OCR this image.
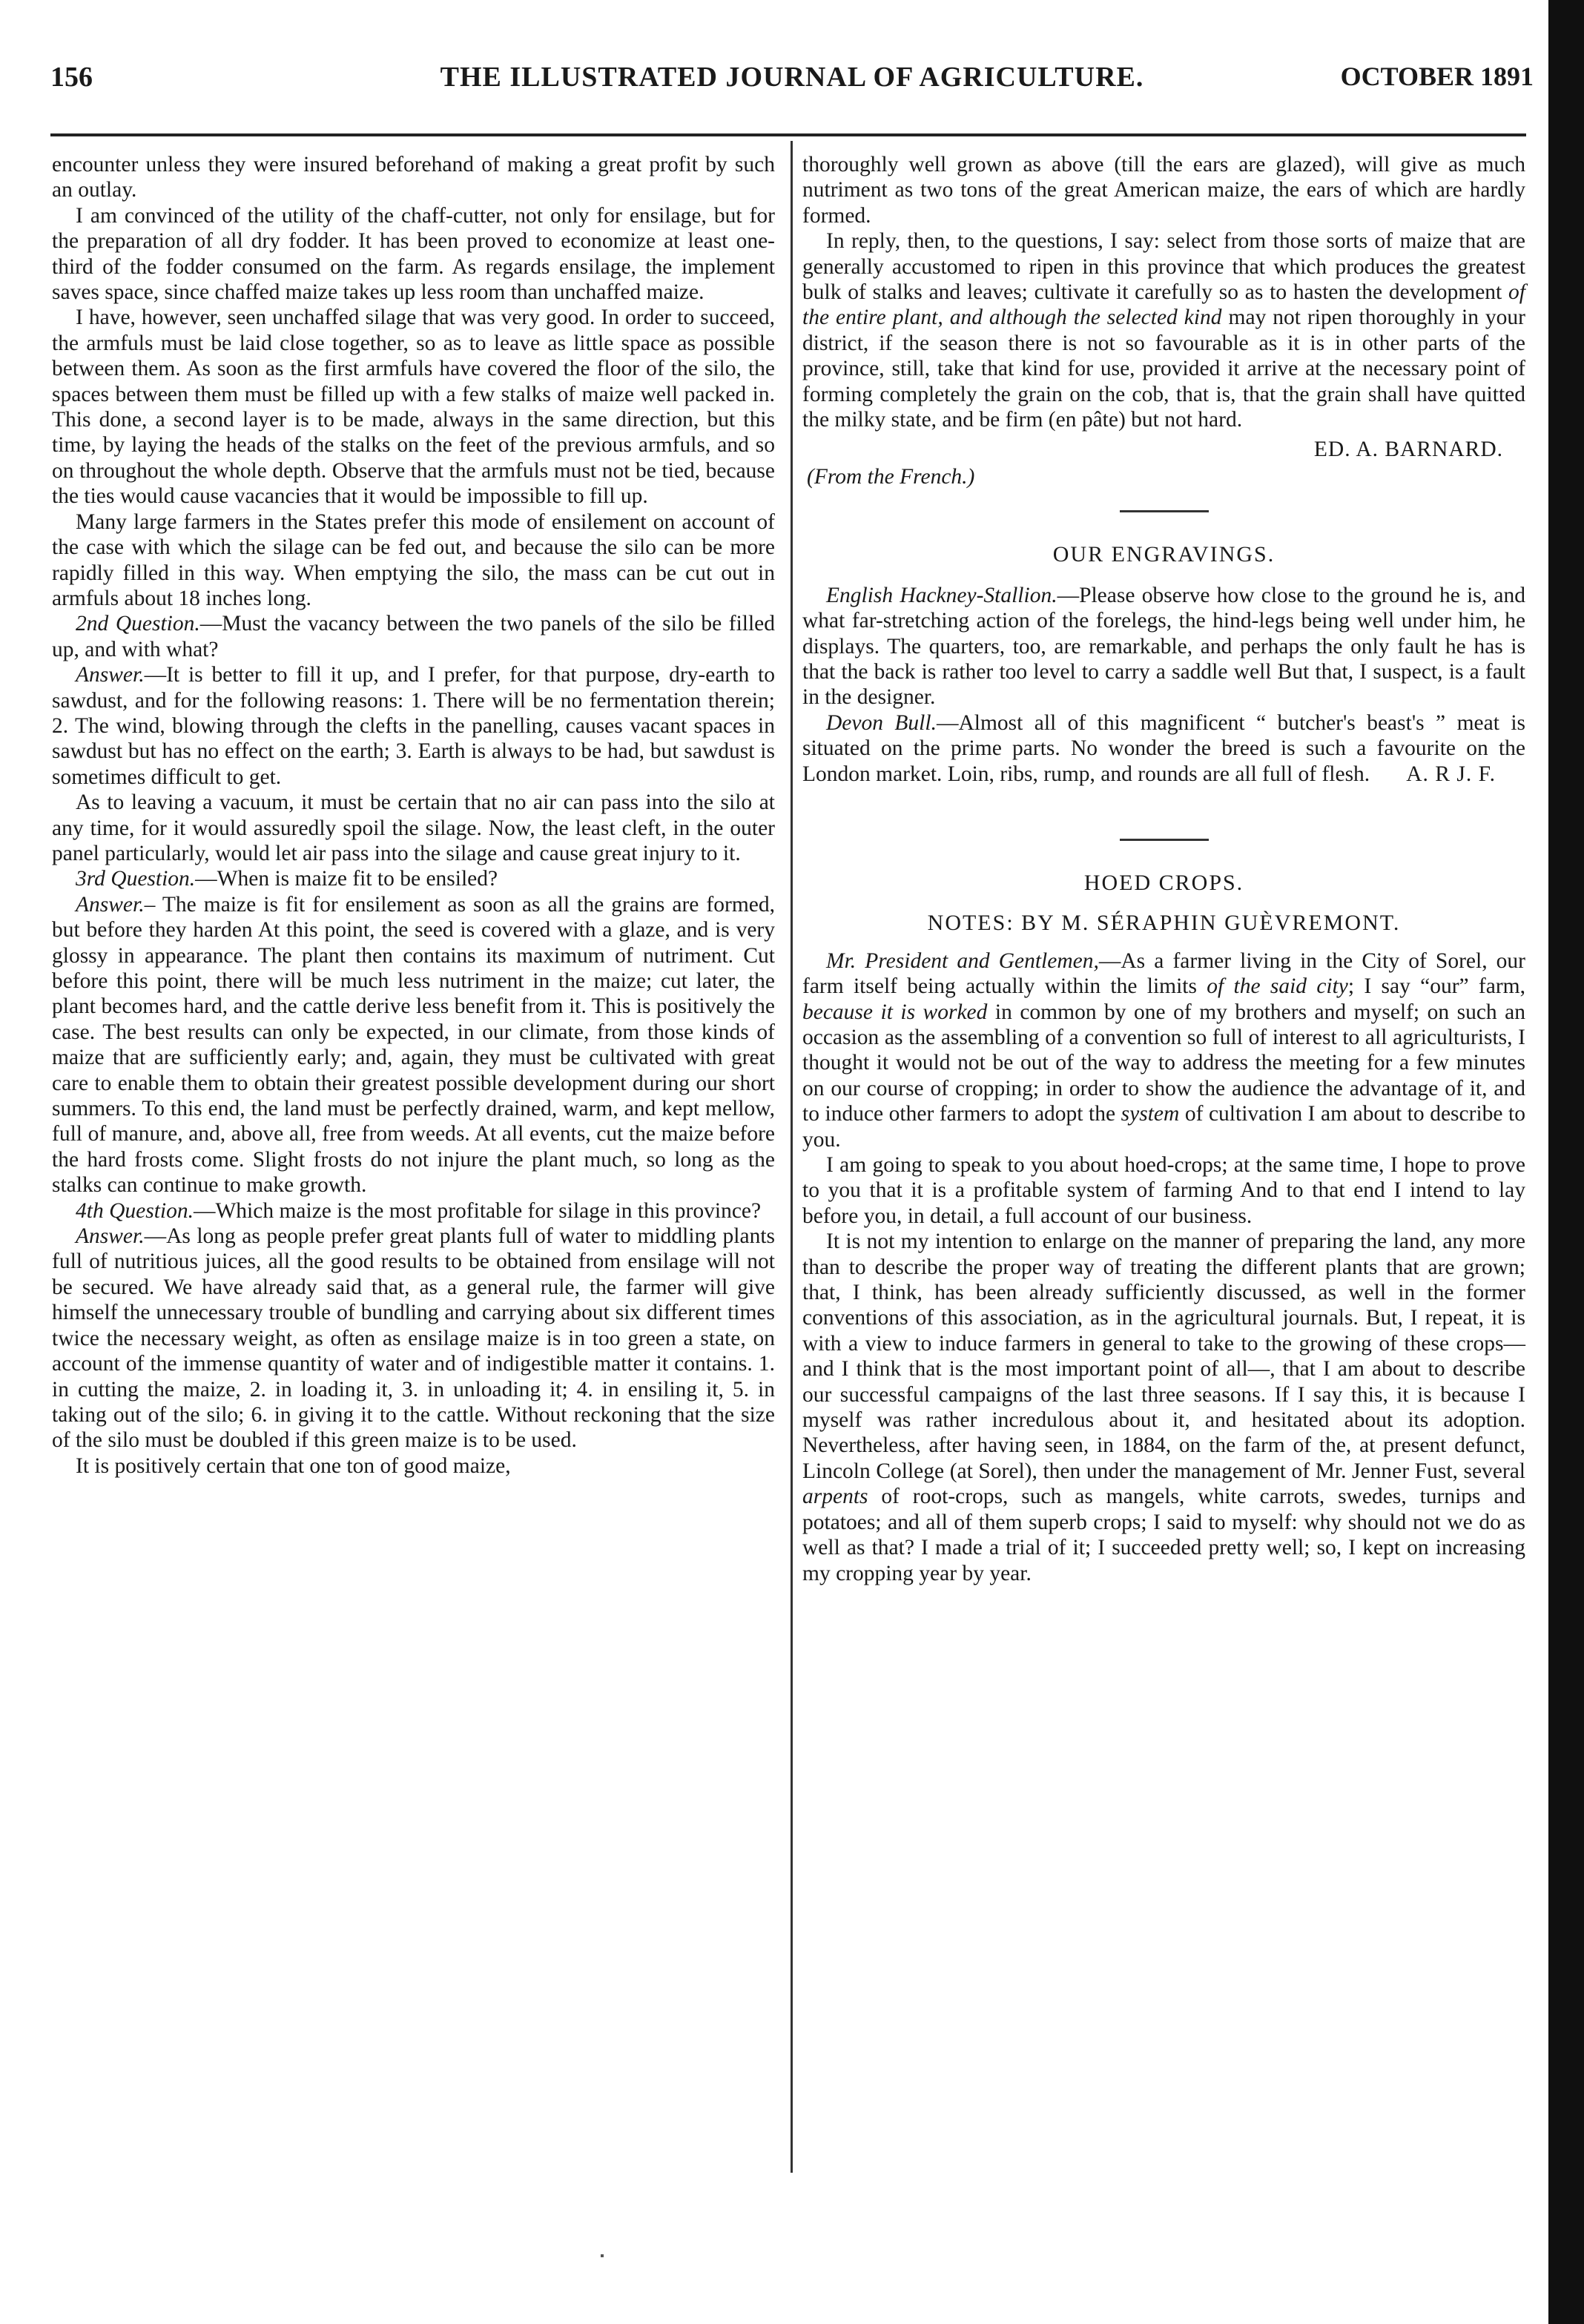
156	THE ILLUSTRATED JOURNAL OF AGRICULTURE.	OCTOBER 1891

encounter unless they were insured beforehand of making a great profit by such an outlay.

I am convinced of the utility of the chaff-cutter, not only for ensilage, but for the preparation of all dry fodder. It has been proved to economize at least one-third of the fodder consumed on the farm. As regards ensilage, the implement saves space, since chaffed maize takes up less room than unchaffed maize.

I have, however, seen unchaffed silage that was very good. In order to succeed, the armfuls must be laid close together, so as to leave as little space as possible between them. As soon as the first armfuls have covered the floor of the silo, the spaces between them must be filled up with a few stalks of maize well packed in. This done, a second layer is to be made, always in the same direction, but this time, by laying the heads of the stalks on the feet of the previous armfuls, and so on throughout the whole depth. Observe that the armfuls must not be tied, because the ties would cause vacancies that it would be impossible to fill up.

Many large farmers in the States prefer this mode of ensilement on account of the case with which the silage can be fed out, and because the silo can be more rapidly filled in this way. When emptying the silo, the mass can be cut out in armfuls about 18 inches long.

2nd Question.—Must the vacancy between the two panels of the silo be filled up, and with what?

Answer.—It is better to fill it up, and I prefer, for that purpose, dry-earth to sawdust, and for the following reasons: 1. There will be no fermentation therein; 2. The wind, blowing through the clefts in the panelling, causes vacant spaces in sawdust but has no effect on the earth; 3. Earth is always to be had, but sawdust is sometimes difficult to get.

As to leaving a vacuum, it must be certain that no air can pass into the silo at any time, for it would assuredly spoil the silage. Now, the least cleft, in the outer panel particularly, would let air pass into the silage and cause great injury to it.

3rd Question.—When is maize fit to be ensiled?

Answer.– The maize is fit for ensilement as soon as all the grains are formed, but before they harden At this point, the seed is covered with a glaze, and is very glossy in appearance. The plant then contains its maximum of nutriment. Cut before this point, there will be much less nutriment in the maize; cut later, the plant becomes hard, and the cattle derive less benefit from it. This is positively the case. The best results can only be expected, in our climate, from those kinds of maize that are sufficiently early; and, again, they must be cultivated with great care to enable them to obtain their greatest possible development during our short summers. To this end, the land must be perfectly drained, warm, and kept mellow, full of manure, and, above all, free from weeds. At all events, cut the maize before the hard frosts come. Slight frosts do not injure the plant much, so long as the stalks can continue to make growth.

4th Question.—Which maize is the most profitable for silage in this province?

Answer.—As long as people prefer great plants full of water to middling plants full of nutritious juices, all the good results to be obtained from ensilage will not be secured. We have already said that, as a general rule, the farmer will give himself the unnecessary trouble of bundling and carrying about six different times twice the necessary weight, as often as ensilage maize is in too green a state, on account of the immense quantity of water and of indigestible matter it contains. 1. in cutting the maize, 2. in loading it, 3. in unloading it; 4. in ensiling it, 5. in taking out of the silo; 6. in giving it to the cattle. Without reckoning that the size of the silo must be doubled if this green maize is to be used.

It is positively certain that one ton of good maize,

thoroughly well grown as above (till the ears are glazed), will give as much nutriment as two tons of the great American maize, the ears of which are hardly formed.

In reply, then, to the questions, I say: select from those sorts of maize that are generally accustomed to ripen in this province that which produces the greatest bulk of stalks and leaves; cultivate it carefully so as to hasten the development of the entire plant, and although the selected kind may not ripen thoroughly in your district, if the season there is not so favourable as it is in other parts of the province, still, take that kind for use, provided it arrive at the necessary point of forming completely the grain on the cob, that is, that the grain shall have quitted the milky state, and be firm (en pâte) but not hard.

ED. A. BARNARD.
(From the French.)
OUR ENGRAVINGS.

English Hackney-Stallion.—Please observe how close to the ground he is, and what far-stretching action of the forelegs, the hind-legs being well under him, he displays. The quarters, too, are remarkable, and perhaps the only fault he has is that the back is rather too level to carry a saddle well But that, I suspect, is a fault in the designer.

Devon Bull.—Almost all of this magnificent “ butcher's beast's ” meat is situated on the prime parts. No wonder the breed is such a favourite on the London market. Loin, ribs, rump, and rounds are all full of flesh.	A. R J. F.

HOED CROPS.
NOTES: BY M. SÉRAPHIN GUÈVREMONT.

Mr. President and Gentlemen,—As a farmer living in the City of Sorel, our farm itself being actually within the limits of the said city; I say “our” farm, because it is worked in common by one of my brothers and myself; on such an occasion as the assembling of a convention so full of interest to all agriculturists, I thought it would not be out of the way to address the meeting for a few minutes on our course of cropping; in order to show the audience the advantage of it, and to induce other farmers to adopt the system of cultivation I am about to describe to you.

I am going to speak to you about hoed-crops; at the same time, I hope to prove to you that it is a profitable system of farming And to that end I intend to lay before you, in detail, a full account of our business.

It is not my intention to enlarge on the manner of preparing the land, any more than to describe the proper way of treating the different plants that are grown; that, I think, has been already sufficiently discussed, as well in the former conventions of this association, as in the agricultural journals. But, I repeat, it is with a view to induce farmers in general to take to the growing of these crops—and I think that is the most important point of all—, that I am about to describe our successful campaigns of the last three seasons. If I say this, it is because I myself was rather incredulous about it, and hesitated about its adoption. Nevertheless, after having seen, in 1884, on the farm of the, at present defunct, Lincoln College (at Sorel), then under the management of Mr. Jenner Fust, several arpents of root-crops, such as mangels, white carrots, swedes, turnips and potatoes; and all of them superb crops; I said to myself: why should not we do as well as that? I made a trial of it; I succeeded pretty well; so, I kept on increasing my cropping year by year.
